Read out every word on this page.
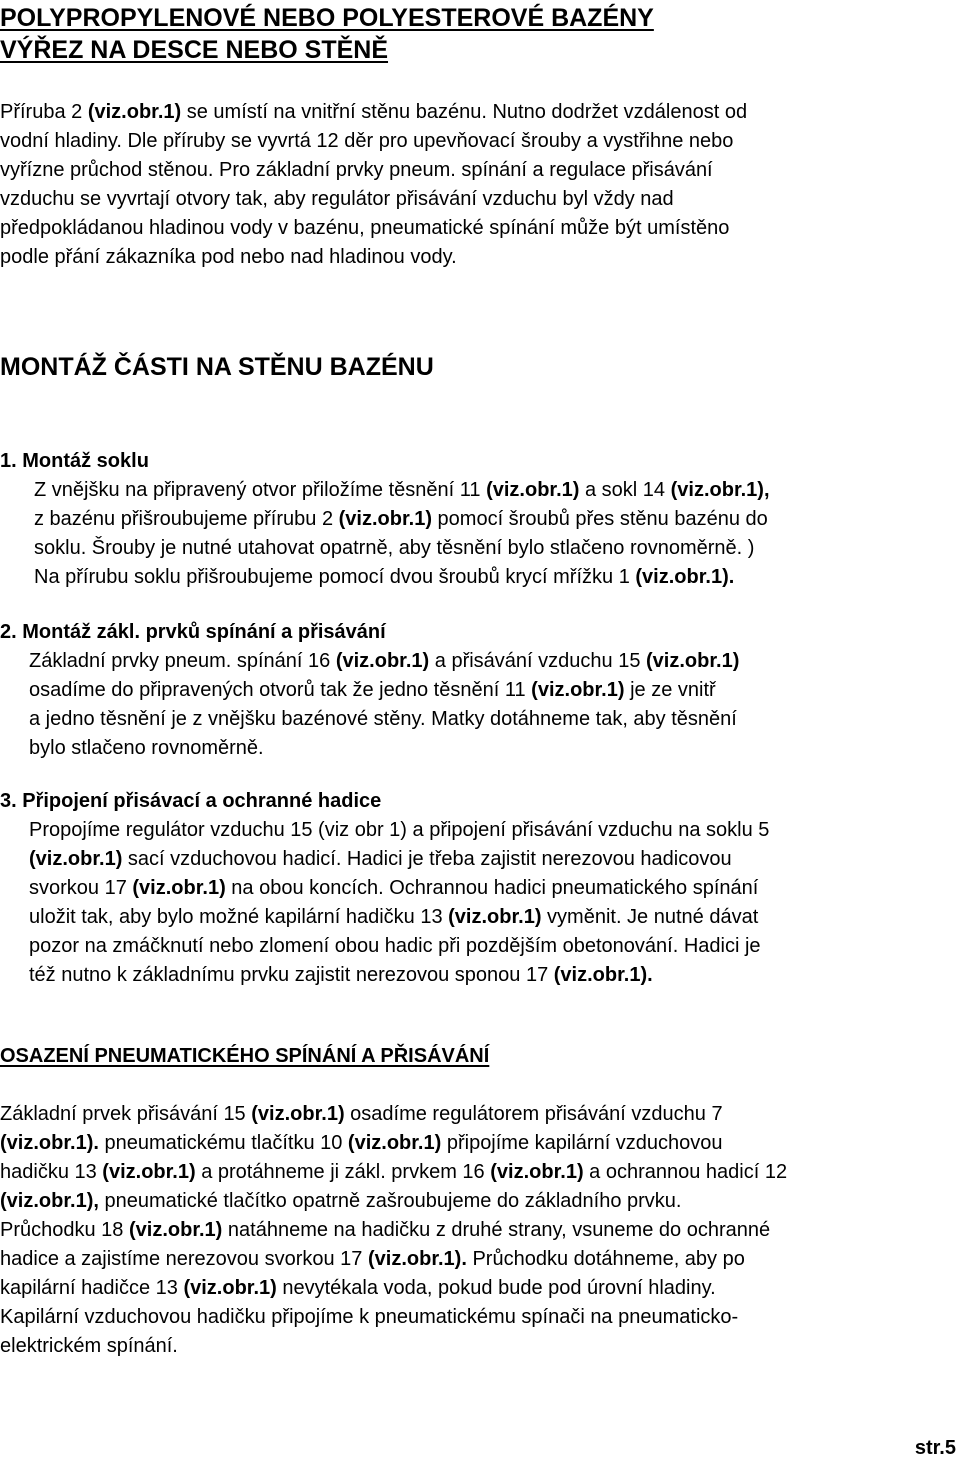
POLYPROPYLENOVÉ NEBO POLYESTEROVÉ BAZÉNY
VÝŘEZ NA DESCE NEBO STĚNĚ
Příruba 2 (viz.obr.1) se umístí na vnitřní stěnu bazénu. Nutno dodržet vzdálenost od
vodní hladiny. Dle příruby se vyvrtá 12 děr pro upevňovací šrouby a vystřihne nebo
vyřízne průchod stěnou. Pro základní prvky pneum. spínání a regulace přisávání
vzduchu se vyvrtají otvory tak, aby regulátor přisávání vzduchu byl vždy nad
předpokládanou hladinou vody v bazénu, pneumatické spínání může být umístěno
podle přání zákazníka pod nebo nad hladinou vody.
MONTÁŽ ČÁSTI NA STĚNU BAZÉNU
1. Montáž soklu
Z vnějšku na připravený otvor přiložíme těsnění 11 (viz.obr.1) a sokl 14 (viz.obr.1),
z bazénu přišroubujeme přírubu 2 (viz.obr.1) pomocí šroubů přes stěnu bazénu do
soklu. Šrouby je nutné utahovat opatrně, aby těsnění bylo stlačeno rovnoměrně. )
Na přírubu soklu přišroubujeme pomocí dvou šroubů krycí mřížku 1 (viz.obr.1).
2. Montáž zákl. prvků spínání a přisávání
Základní prvky pneum. spínání 16 (viz.obr.1) a přisávání vzduchu 15 (viz.obr.1)
osadíme do připravených otvorů tak že jedno těsnění 11 (viz.obr.1) je ze vnitř
a jedno těsnění je z vnějšku bazénové stěny. Matky dotáhneme tak, aby těsnění
bylo stlačeno rovnoměrně.
3. Připojení přisávací a ochranné hadice
Propojíme regulátor vzduchu 15 (viz obr 1) a připojení přisávání vzduchu na soklu 5
(viz.obr.1) sací vzduchovou hadicí. Hadici je třeba zajistit nerezovou hadicovou
svorkou 17 (viz.obr.1) na obou koncích. Ochrannou hadici pneumatického spínání
uložit tak, aby bylo možné kapilární hadičku 13 (viz.obr.1) vyměnit. Je nutné dávat
pozor na zmáčknutí nebo zlomení obou hadic při pozdějším obetonování. Hadici je
též nutno k základnímu prvku zajistit nerezovou sponou 17 (viz.obr.1).
OSAZENÍ PNEUMATICKÉHO SPÍNÁNÍ A PŘISÁVÁNÍ
Základní prvek přisávání 15 (viz.obr.1) osadíme regulátorem přisávání vzduchu 7
(viz.obr.1). pneumatickému tlačítku 10 (viz.obr.1) připojíme kapilární vzduchovou
hadičku 13 (viz.obr.1) a protáhneme ji zákl. prvkem 16 (viz.obr.1) a ochrannou hadicí 12
(viz.obr.1), pneumatické tlačítko opatrně zašroubujeme do základního prvku.
Průchodku 18 (viz.obr.1) natáhneme na hadičku z druhé strany, vsuneme do ochranné
hadice a zajistíme nerezovou svorkou 17 (viz.obr.1). Průchodku dotáhneme, aby po
kapilární hadičce 13 (viz.obr.1) nevytékala voda, pokud bude pod úrovní hladiny.
Kapilární vzduchovou hadičku připojíme k pneumatickému spínači na pneumaticko-
elektrickém spínání.
str.5
